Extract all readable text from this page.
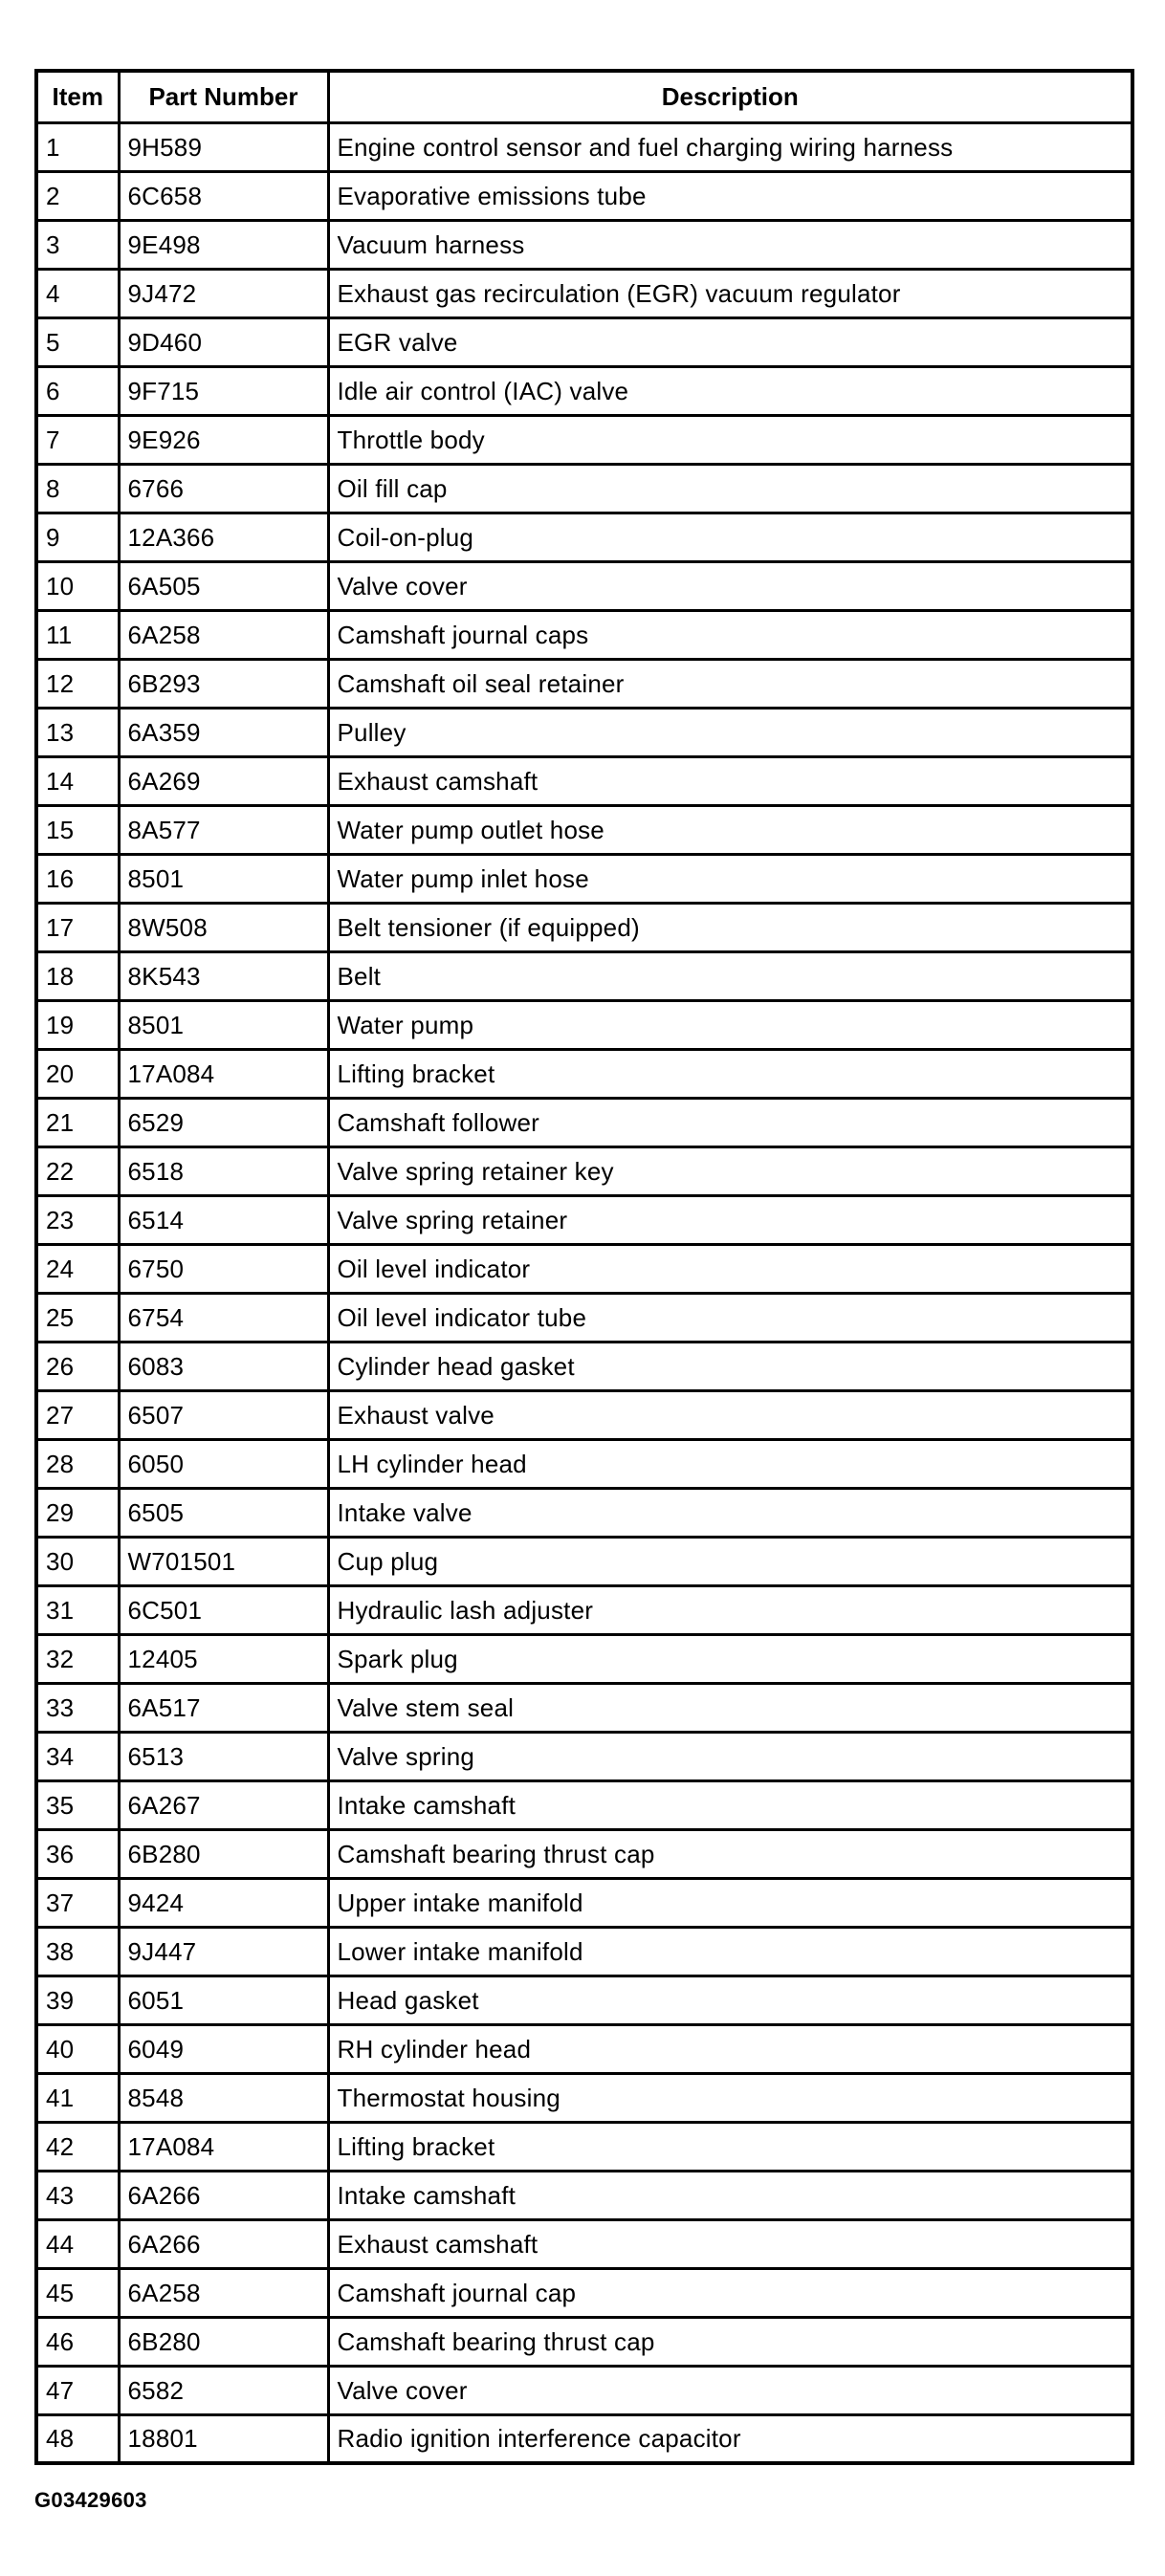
Item	Part Number	Description
1	9H589	Engine control sensor and fuel charging wiring harness
2	6C658	Evaporative emissions tube
3	9E498	Vacuum harness
4	9J472	Exhaust gas recirculation (EGR) vacuum regulator
5	9D460	EGR valve
6	9F715	Idle air control (IAC) valve
7	9E926	Throttle body
8	6766	Oil fill cap
9	12A366	Coil-on-plug
10	6A505	Valve cover
11	6A258	Camshaft journal caps
12	6B293	Camshaft oil seal retainer
13	6A359	Pulley
14	6A269	Exhaust camshaft
15	8A577	Water pump outlet hose
16	8501	Water pump inlet hose
17	8W508	Belt tensioner (if equipped)
18	8K543	Belt
19	8501	Water pump
20	17A084	Lifting bracket
21	6529	Camshaft follower
22	6518	Valve spring retainer key
23	6514	Valve spring retainer
24	6750	Oil level indicator
25	6754	Oil level indicator tube
26	6083	Cylinder head gasket
27	6507	Exhaust valve
28	6050	LH cylinder head
29	6505	Intake valve
30	W701501	Cup plug
31	6C501	Hydraulic lash adjuster
32	12405	Spark plug
33	6A517	Valve stem seal
34	6513	Valve spring
35	6A267	Intake camshaft
36	6B280	Camshaft bearing thrust cap
37	9424	Upper intake manifold
38	9J447	Lower intake manifold
39	6051	Head gasket
40	6049	RH cylinder head
41	8548	Thermostat housing
42	17A084	Lifting bracket
43	6A266	Intake camshaft
44	6A266	Exhaust camshaft
45	6A258	Camshaft journal cap
46	6B280	Camshaft bearing thrust cap
47	6582	Valve cover
48	18801	Radio ignition interference capacitor
G03429603
